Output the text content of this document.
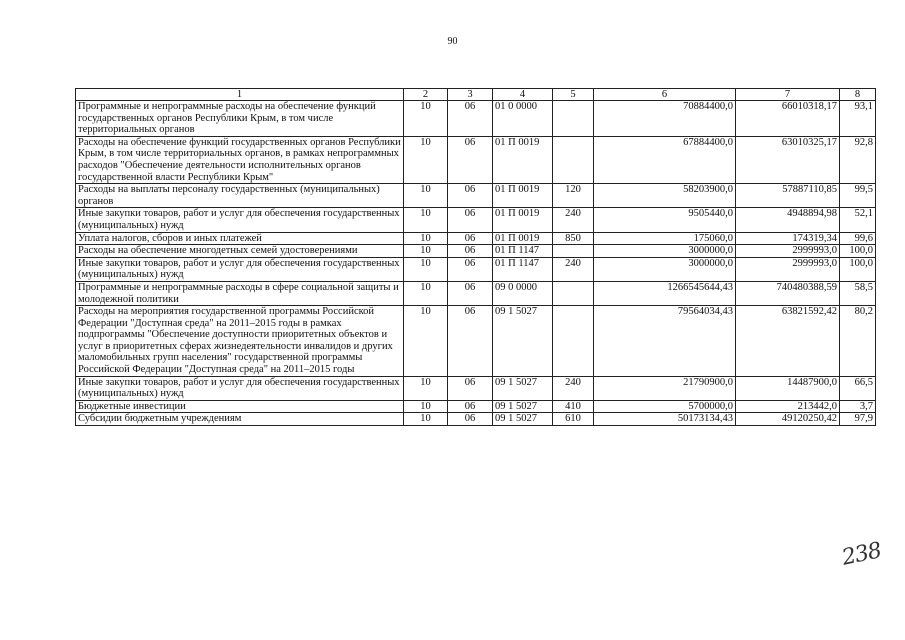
90
1	2	3	4	5	6	7	8
Программные и непрограммные расходы на обеспечение функций государственных органов Республики Крым, в том числе территориальных органов	10	06	01 0 0000		70884400,0	66010318,17	93,1
Расходы на обеспечение функций государственных органов Республики Крым, в том числе территориальных органов, в рамках непрограммных расходов "Обеспечение деятельности исполнительных органов государственной власти Республики Крым"	10	06	01 П 0019		67884400,0	63010325,17	92,8
Расходы на выплаты персоналу государственных (муниципальных) органов	10	06	01 П 0019	120	58203900,0	57887110,85	99,5
Иные закупки товаров, работ и услуг для обеспечения государственных (муниципальных) нужд	10	06	01 П 0019	240	9505440,0	4948894,98	52,1
Уплата налогов, сборов и иных платежей	10	06	01 П 0019	850	175060,0	174319,34	99,6
Расходы на обеспечение многодетных семей удостоверениями	10	06	01 П 1147		3000000,0	2999993,0	100,0
Иные закупки товаров, работ и услуг для обеспечения государственных (муниципальных) нужд	10	06	01 П 1147	240	3000000,0	2999993,0	100,0
Программные и непрограммные расходы в сфере социальной защиты и молодежной политики	10	06	09 0 0000		1266545644,43	740480388,59	58,5
Расходы на мероприятия государственной программы Российской Федерации "Доступная среда" на 2011–2015 годы в рамках подпрограммы "Обеспечение доступности приоритетных объектов и услуг в приоритетных сферах жизнедеятельности инвалидов и других маломобильных групп населения" государственной программы Российской Федерации "Доступная среда" на 2011–2015 годы	10	06	09 1 5027		79564034,43	63821592,42	80,2
Иные закупки товаров, работ и услуг для обеспечения государственных (муниципальных) нужд	10	06	09 1 5027	240	21790900,0	14487900,0	66,5
Бюджетные инвестиции	10	06	09 1 5027	410	5700000,0	213442,0	3,7
Субсидии бюджетным учреждениям	10	06	09 1 5027	610	50173134,43	49120250,42	97,9
238
